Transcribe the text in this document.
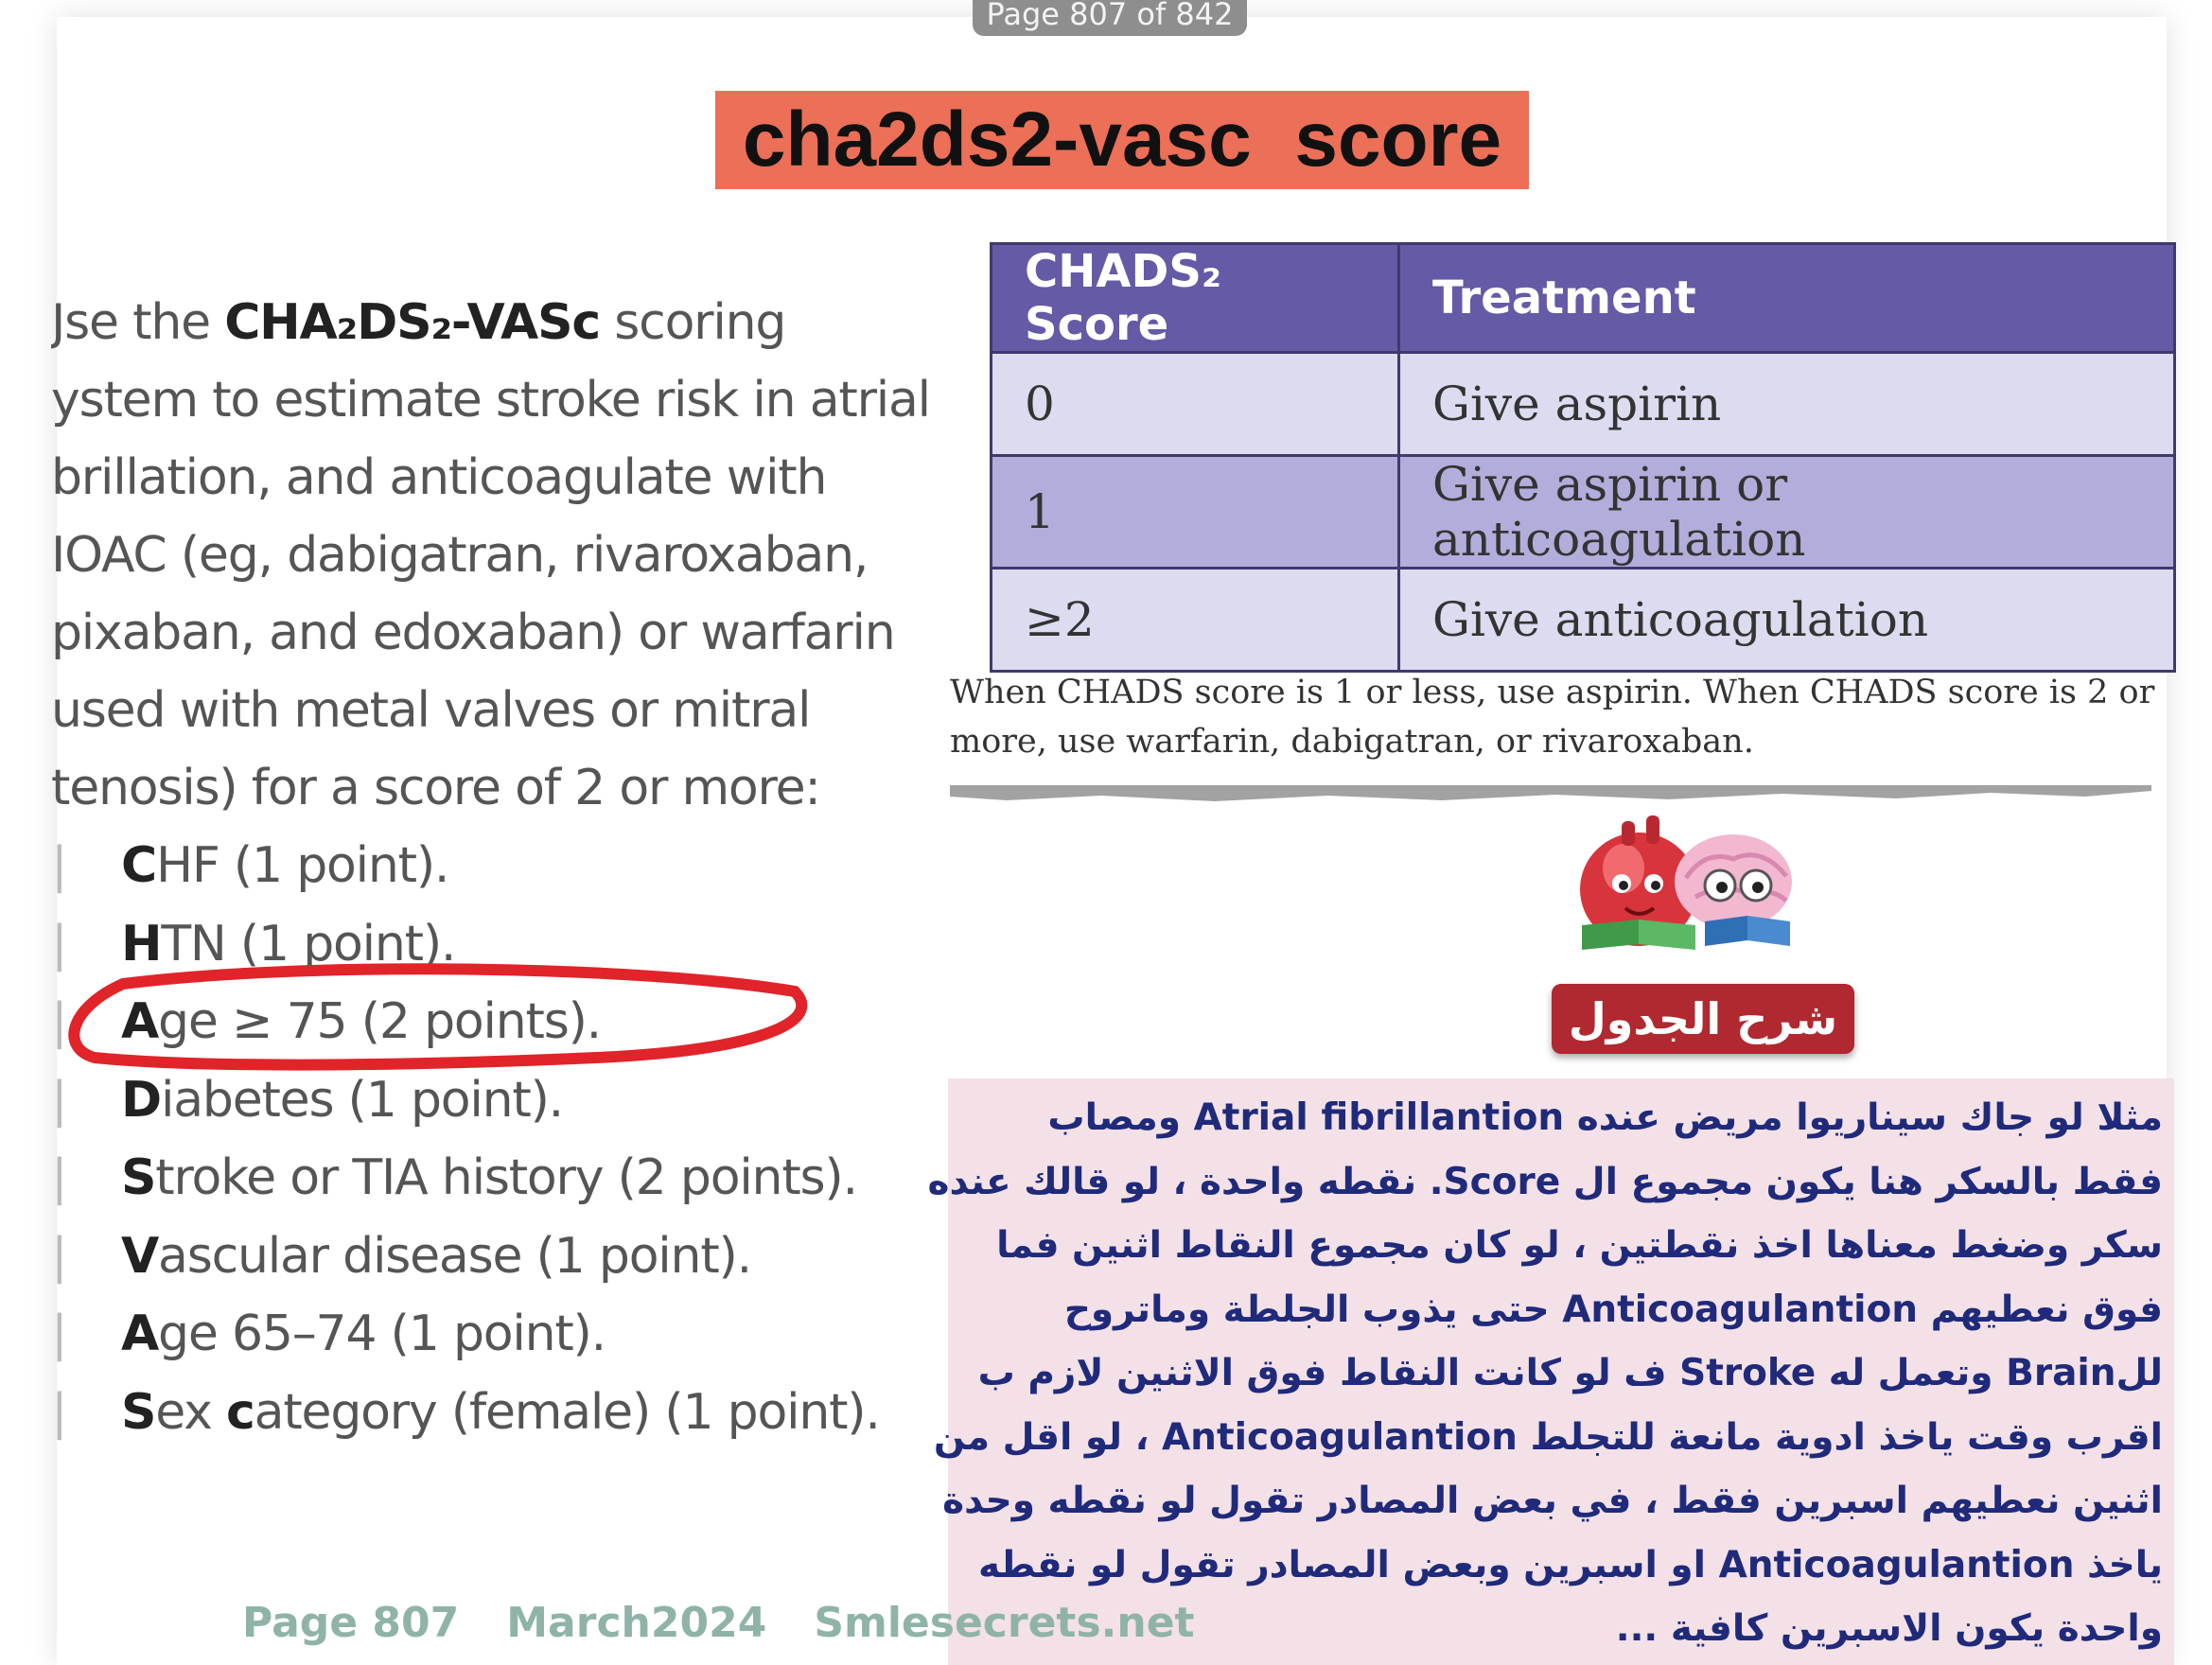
Page 807 of 842
cha2ds2-vasc  score
Jse the CHA₂DS₂-VASc scoring
ystem to estimate stroke risk in atrial
brillation, and anticoagulate with
IOAC (eg, dabigatran, rivaroxaban,
pixaban, and edoxaban) or warfarin
used with metal valves or mitral
tenosis) for a score of 2 or more:
| CHF (1 point).
| HTN (1 point).
| Age ≥ 75 (2 points).
| Diabetes (1 point).
| Stroke or TIA history (2 points).
| Vascular disease (1 point).
| Age 65–74 (1 point).
| Sex category (female) (1 point).
CHADS₂ Score	Treatment
0	Give aspirin
1	Give aspirin or anticoagulation
≥2	Give anticoagulation
When CHADS score is 1 or less, use aspirin. When CHADS score is 2 or more, use warfarin, dabigatran, or rivaroxaban.
شرح الجدول

مثلا لو جاك سيناريوا مريض عنده Atrial fibrillantion ومصاب

فقط بالسكر هنا يكون مجموع ال Score. نقطه واحدة ، لو قالك عنده

سكر وضغط معناها اخذ نقطتين ، لو كان مجموع النقاط اثنين فما

فوق نعطيهم Anticoagulantion حتى يذوب الجلطة وماتروح

للBrain وتعمل له Stroke ف لو كانت النقاط فوق الاثنين لازم ب

اقرب وقت ياخذ ادوية مانعة للتجلط Anticoagulantion ، لو اقل من

اثنين نعطيهم اسبرين فقط ، في بعض المصادر تقول لو نقطه وحدة

ياخذ Anticoagulantion او اسبرين وبعض المصادر تقول لو نقطه

واحدة يكون الاسبرين كافية ...

Page 807 March2024 Smlesecrets.net
